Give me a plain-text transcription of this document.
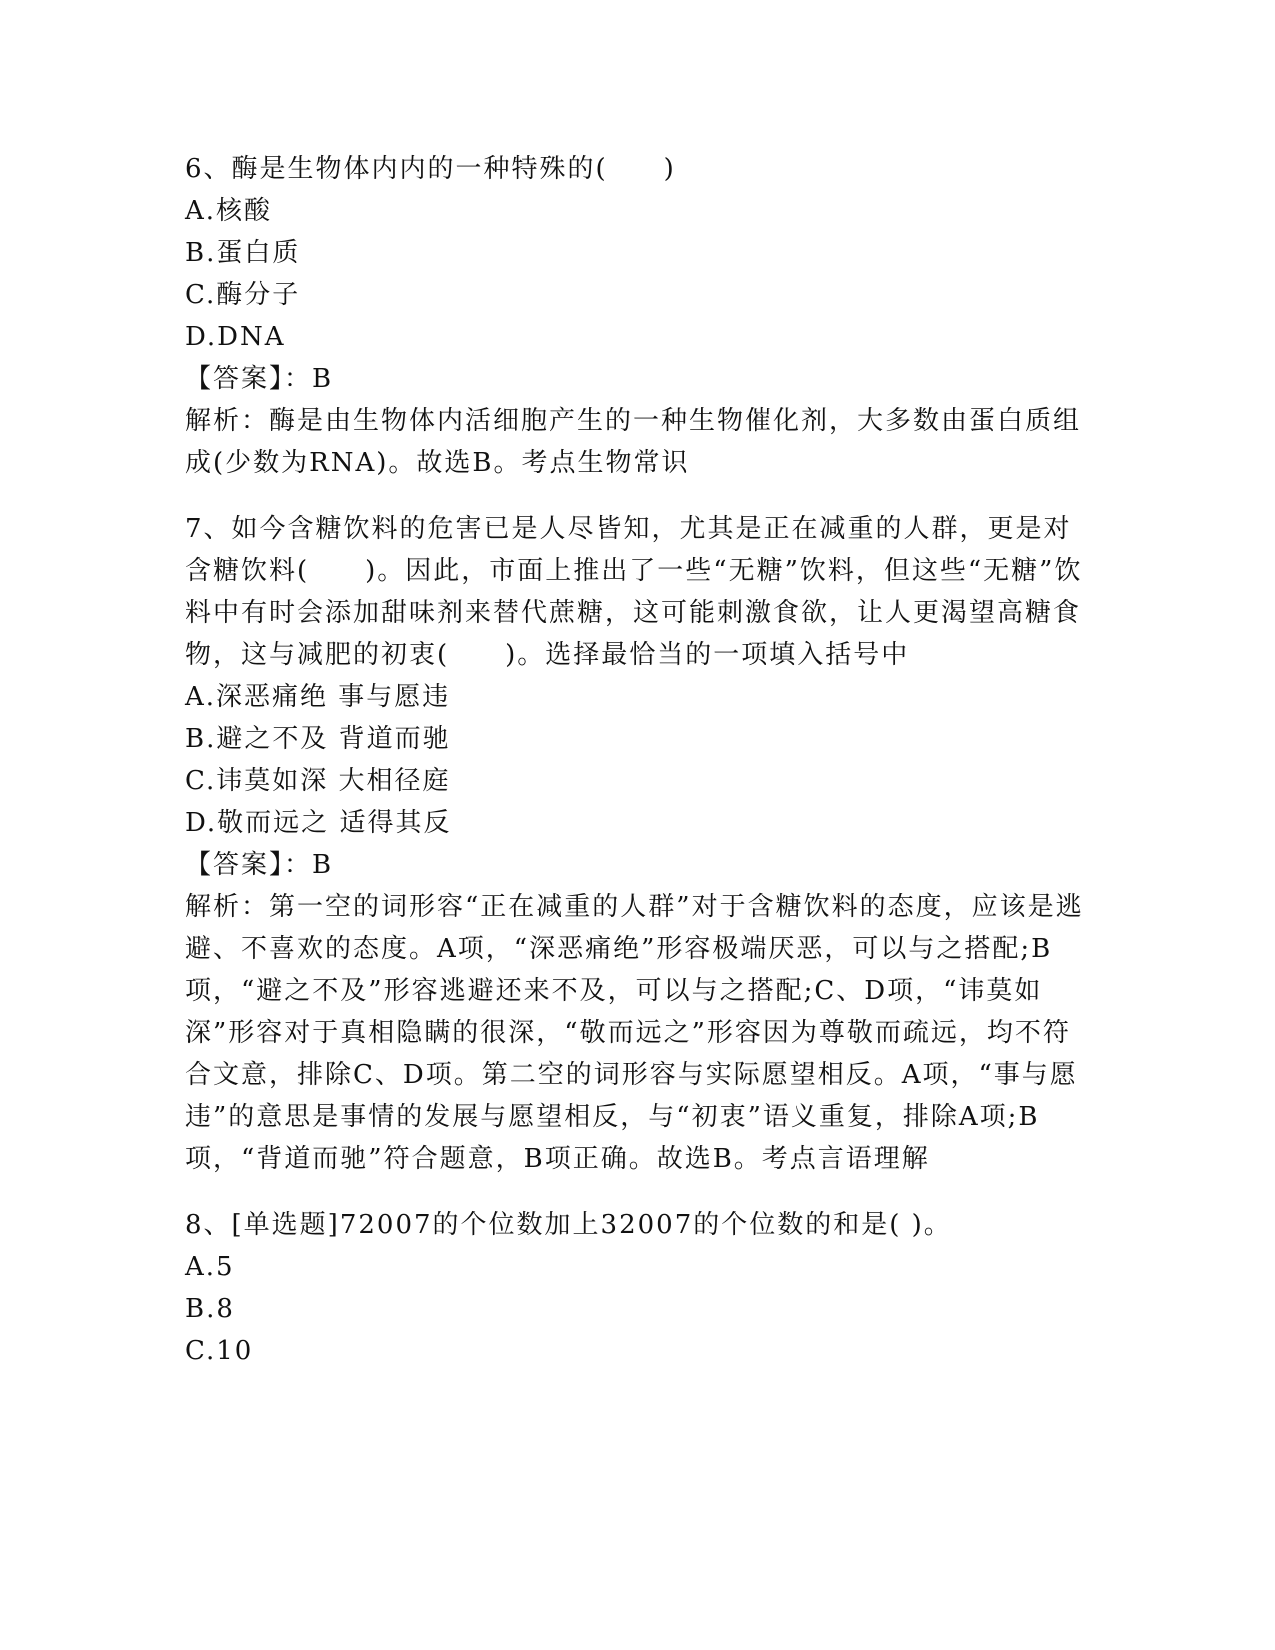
6、酶是生物体内内的一种特殊的(　　)

A.核酸

B.蛋白质

C.酶分子

D.DNA

【答案】：B

解析：酶是由生物体内活细胞产生的一种生物催化剂，大多数由蛋白质组成(少数为RNA)。故选B。考点生物常识

7、如今含糖饮料的危害已是人尽皆知，尤其是正在减重的人群，更是对含糖饮料(　　)。因此，市面上推出了一些“无糖”饮料，但这些“无糖”饮料中有时会添加甜味剂来替代蔗糖，这可能刺激食欲，让人更渴望高糖食物，这与减肥的初衷(　　)。选择最恰当的一项填入括号中

A.深恶痛绝 事与愿违

B.避之不及 背道而驰

C.讳莫如深 大相径庭

D.敬而远之 适得其反

【答案】：B

解析：第一空的词形容“正在减重的人群”对于含糖饮料的态度，应该是逃避、不喜欢的态度。A项，“深恶痛绝”形容极端厌恶，可以与之搭配;B项，“避之不及”形容逃避还来不及，可以与之搭配;C、D项，“讳莫如深”形容对于真相隐瞒的很深，“敬而远之”形容因为尊敬而疏远，均不符合文意，排除C、D项。第二空的词形容与实际愿望相反。A项，“事与愿违”的意思是事情的发展与愿望相反，与“初衷”语义重复，排除A项;B项，“背道而驰”符合题意，B项正确。故选B。考点言语理解

8、[单选题]72007的个位数加上32007的个位数的和是( )。

A.5

B.8

C.10
